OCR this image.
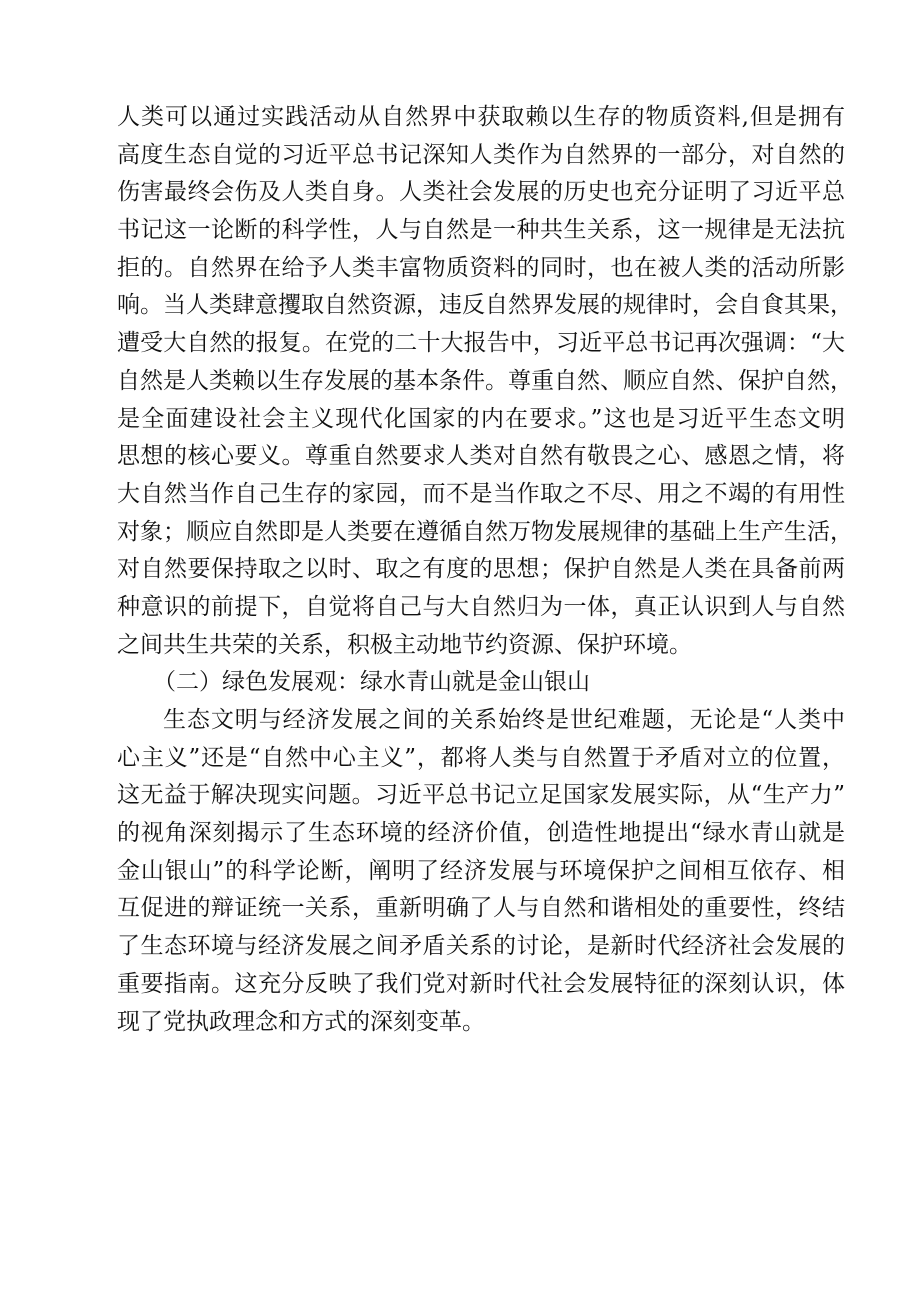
人类可以通过实践活动从自然界中获取赖以生存的物质资料,但是拥有
高度生态自觉的习近平总书记深知人类作为自然界的一部分，对自然的
伤害最终会伤及人类自身。人类社会发展的历史也充分证明了习近平总
书记这一论断的科学性，人与自然是一种共生关系，这一规律是无法抗
拒的。自然界在给予人类丰富物质资料的同时，也在被人类的活动所影
响。当人类肆意攫取自然资源，违反自然界发展的规律时，会自食其果，
遭受大自然的报复。在党的二十大报告中，习近平总书记再次强调：“大
自然是人类赖以生存发展的基本条件。尊重自然、顺应自然、保护自然，
是全面建设社会主义现代化国家的内在要求。”这也是习近平生态文明
思想的核心要义。尊重自然要求人类对自然有敬畏之心、感恩之情，将
大自然当作自己生存的家园，而不是当作取之不尽、用之不竭的有用性
对象；顺应自然即是人类要在遵循自然万物发展规律的基础上生产生活，
对自然要保持取之以时、取之有度的思想；保护自然是人类在具备前两
种意识的前提下，自觉将自己与大自然归为一体，真正认识到人与自然
之间共生共荣的关系，积极主动地节约资源、保护环境。
（二）绿色发展观：绿水青山就是金山银山
生态文明与经济发展之间的关系始终是世纪难题，无论是“人类中
心主义”还是“自然中心主义”，都将人类与自然置于矛盾对立的位置，
这无益于解决现实问题。习近平总书记立足国家发展实际，从“生产力”
的视角深刻揭示了生态环境的经济价值，创造性地提出“绿水青山就是
金山银山”的科学论断，阐明了经济发展与环境保护之间相互依存、相
互促进的辩证统一关系，重新明确了人与自然和谐相处的重要性，终结
了生态环境与经济发展之间矛盾关系的讨论，是新时代经济社会发展的
重要指南。这充分反映了我们党对新时代社会发展特征的深刻认识，体
现了党执政理念和方式的深刻变革。
